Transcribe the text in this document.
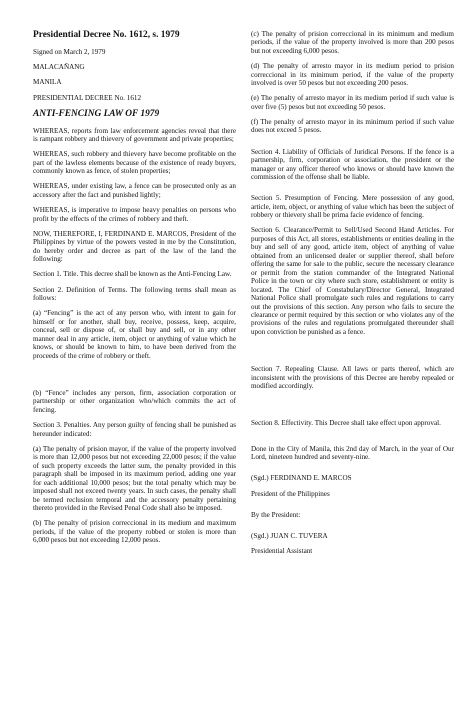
Presidential Decree No. 1612, s. 1979

Signed on March 2, 1979

MALACAÑANG

MANILA

PRESIDENTIAL DECREE No. 1612

ANTI-FENCING LAW OF 1979

WHEREAS, reports from law enforcement agencies reveal that there is rampant robbery and thievery of government and private properties;

WHEREAS, such robbery and thievery have become profitable on the part of the lawless elements because of the existence of ready buyers, commonly known as fence, of stolen properties;

WHEREAS, under existing law, a fence can be prosecuted only as an accessory after the fact and punished lightly;

WHEREAS, is imperative to impose heavy penalties on persons who profit by the effects of the crimes of robbery and theft.

NOW, THEREFORE, I, FERDINAND E. MARCOS, President of the Philippines by virtue of the powers vested in me by the Constitution, do hereby order and decree as part of the law of the land the following:

Section 1. Title. This decree shall be known as the Anti-Fencing Law.

Section 2. Definition of Terms. The following terms shall mean as follows:

(a) “Fencing” is the act of any person who, with intent to gain for himself or for another, shall buy, receive, possess, keep, acquire, conceal, sell or dispose of, or shall buy and sell, or in any other manner deal in any article, item, object or anything of value which he knows, or should be known to him, to have been derived from the proceeds of the crime of robbery or theft.

(b) “Fence” includes any person, firm, association corporation or partnership or other organization who/which commits the act of fencing.

Section 3. Penalties. Any person guilty of fencing shall be punished as hereunder indicated:

(a) The penalty of prision mayor, if the value of the property involved is more than 12,000 pesos but not exceeding 22,000 pesos; if the value of such property exceeds the latter sum, the penalty provided in this paragraph shall be imposed in its maximum period, adding one year for each additional 10,000 pesos; but the total penalty which may be imposed shall not exceed twenty years. In such cases, the penalty shall be termed reclusion temporal and the accessory penalty pertaining thereto provided in the Revised Penal Code shall also be imposed.

(b) The penalty of prision correccional in its medium and maximum periods, if the value of the property robbed or stolen is more than 6,000 pesos but not exceeding 12,000 pesos.

(c) The penalty of prision correccional in its minimum and medium periods, if the value of the property involved is more than 200 pesos but not exceeding 6,000 pesos.

(d) The penalty of arresto mayor in its medium period to prision correccional in its minimum period, if the value of the property involved is over 50 pesos but not exceeding 200 pesos.

(e) The penalty of arresto mayor in its medium period if such value is over five (5) pesos but not exceeding 50 pesos.

(f) The penalty of arresto mayor in its minimum period if such value does not exceed 5 pesos.

Section 4. Liability of Officials of Juridical Persons. If the fence is a partnership, firm, corporation or association, the president or the manager or any officer thereof who knows or should have known the commission of the offense shall be liable.

Section 5. Presumption of Fencing. Mere possession of any good, article, item, object, or anything of value which has been the subject of robbery or thievery shall be prima facie evidence of fencing.

Section 6. Clearance/Permit to Sell/Used Second Hand Articles. For purposes of this Act, all stores, establishments or entities dealing in the buy and sell of any good, article item, object of anything of value obtained from an unlicensed dealer or supplier thereof, shall before offering the same for sale to the public, secure the necessary clearance or permit from the station commander of the Integrated National Police in the town or city where such store, establishment or entity is located. The Chief of Constabulary/Director General, Integrated National Police shall promulgate such rules and regulations to carry out the provisions of this section. Any person who fails to secure the clearance or permit required by this section or who violates any of the provisions of the rules and regulations promulgated thereunder shall upon conviction be punished as a fence.

Section 7. Repealing Clause. All laws or parts thereof, which are inconsistent with the provisions of this Decree are hereby repealed or modified accordingly.

Section 8. Effectivity. This Decree shall take effect upon approval.

Done in the City of Manila, this 2nd day of March, in the year of Our Lord, nineteen hundred and seventy-nine.

(Sgd.) FERDINAND E. MARCOS

President of the Philippines

By the President:

(Sgd.) JUAN C. TUVERA

Presidential Assistant
